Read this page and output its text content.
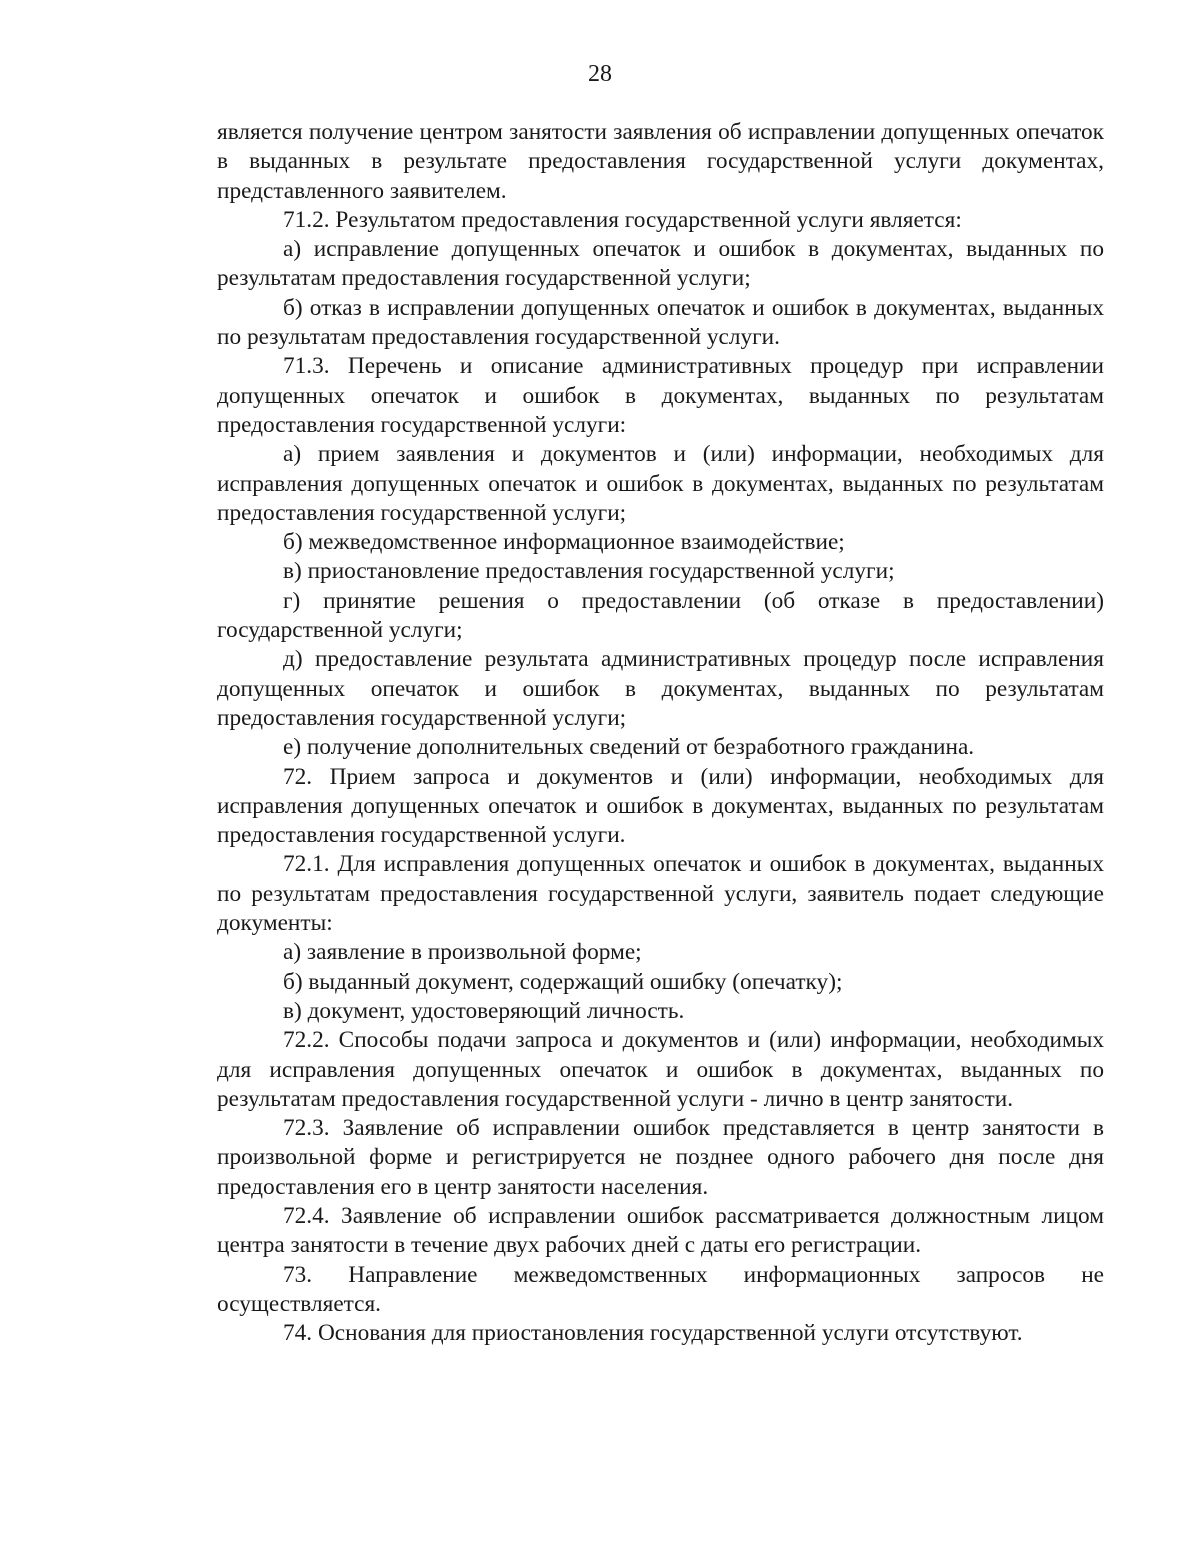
28

является получение центром занятости заявления об исправлении допущенных опечаток в выданных в результате предоставления государственной услуги документах, представленного заявителем.

71.2. Результатом предоставления государственной услуги является:

а) исправление допущенных опечаток и ошибок в документах, выданных по результатам предоставления государственной услуги;

б) отказ в исправлении допущенных опечаток и ошибок в документах, выданных по результатам предоставления государственной услуги.

71.3. Перечень и описание административных процедур при исправлении допущенных опечаток и ошибок в документах, выданных по результатам предоставления государственной услуги:

а) прием заявления и документов и (или) информации, необходимых для исправления допущенных опечаток и ошибок в документах, выданных по результатам предоставления государственной услуги;

б) межведомственное информационное взаимодействие;

в) приостановление предоставления государственной услуги;

г) принятие решения о предоставлении (об отказе в предоставлении) государственной услуги;

д) предоставление результата административных процедур после исправления допущенных опечаток и ошибок в документах, выданных по результатам предоставления государственной услуги;

е) получение дополнительных сведений от безработного гражданина.

72. Прием запроса и документов и (или) информации, необходимых для исправления допущенных опечаток и ошибок в документах, выданных по результатам предоставления государственной услуги.

72.1. Для исправления допущенных опечаток и ошибок в документах, выданных по результатам предоставления государственной услуги, заявитель подает следующие документы:

а) заявление в произвольной форме;

б) выданный документ, содержащий ошибку (опечатку);

в) документ, удостоверяющий личность.

72.2. Способы подачи запроса и документов и (или) информации, необходимых для исправления допущенных опечаток и ошибок в документах, выданных по результатам предоставления государственной услуги - лично в центр занятости.

72.3. Заявление об исправлении ошибок представляется в центр занятости в произвольной форме и регистрируется не позднее одного рабочего дня после дня предоставления его в центр занятости населения.

72.4. Заявление об исправлении ошибок рассматривается должностным лицом центра занятости в течение двух рабочих дней с даты его регистрации.

73. Направление межведомственных информационных запросов не осуществляется.

74. Основания для приостановления государственной услуги отсутствуют.
